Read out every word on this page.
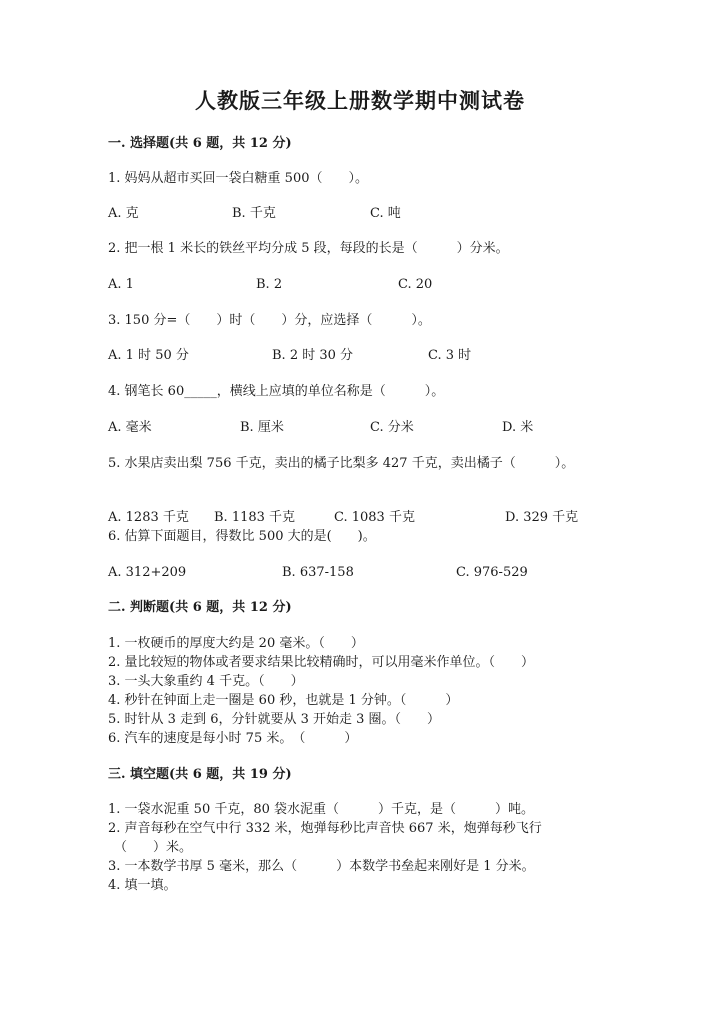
人教版三年级上册数学期中测试卷
一. 选择题(共 6 题，共 12 分)
1. 妈妈从超市买回一袋白糖重 500（　　）。
A. 克	B. 千克	C. 吨
2. 把一根 1 米长的铁丝平均分成 5 段，每段的长是（　　　）分米。
A. 1	B. 2	C. 20
3. 150 分=（　　）时（　　）分，应选择（　　　）。
A. 1 时 50 分	B. 2 时 30 分	C. 3 时
4. 钢笔长 60_____，横线上应填的单位名称是（　　　）。
A. 毫米	B. 厘米	C. 分米	D. 米
5. 水果店卖出梨 756 千克，卖出的橘子比梨多 427 千克，卖出橘子（　　　）。
A. 1283 千克 B. 1183 千克	C. 1083 千克	D. 329 千克
6. 估算下面题目，得数比 500 大的是(　　)。
A. 312+209	B. 637-158	C. 976-529
二. 判断题(共 6 题，共 12 分)
1. 一枚硬币的厚度大约是 20 毫米。（　　）
2. 量比较短的物体或者要求结果比较精确时，可以用毫米作单位。（　　）
3. 一头大象重约 4 千克。（　　）
4. 秒针在钟面上走一圈是 60 秒，也就是 1 分钟。（　　　）
5. 时针从 3 走到 6，分针就要从 3 开始走 3 圈。（　　）
6. 汽车的速度是每小时 75 米。　（　　　）
三. 填空题(共 6 题，共 19 分)
1. 一袋水泥重 50 千克，80 袋水泥重（　　　）千克，是（　　　）吨。
2. 声音每秒在空气中行 332 米，炮弹每秒比声音快 667 米，炮弹每秒飞行
（　　）米。
3. 一本数学书厚 5 毫米，那么（　　　）本数学书垒起来刚好是 1 分米。
4. 填一填。
